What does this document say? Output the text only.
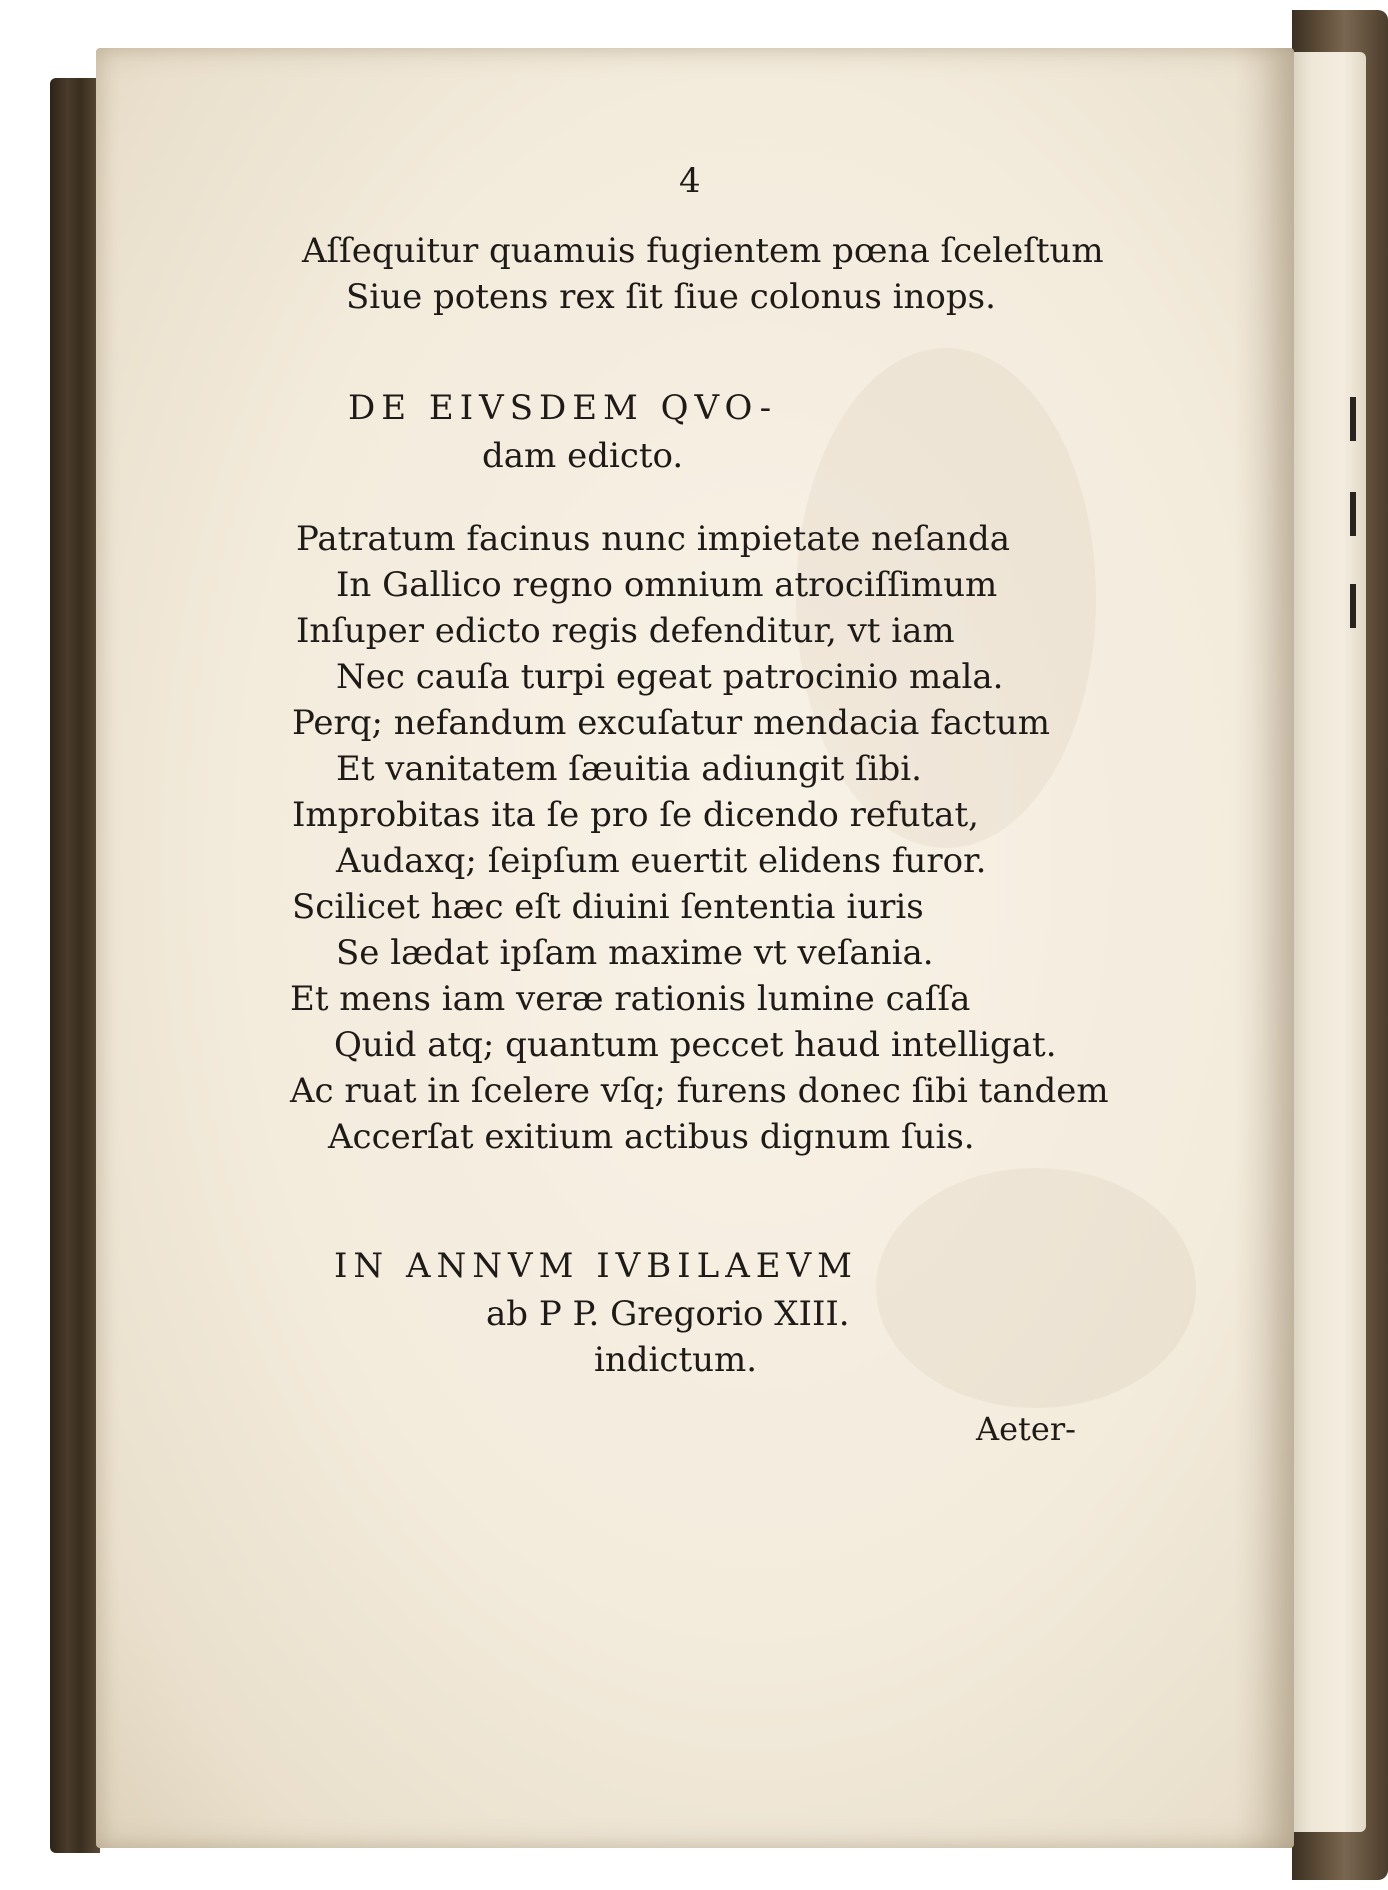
4
Aſſequitur quamuis fugientem pœna ſceleſtum
Siue potens rex ſit ſiue colonus inops.
DE EIVSDEM QVO-
dam edicto.
Patratum facinus nunc impietate neſanda
In Gallico regno omnium atrociſſimum
Inſuper edicto regis defenditur, vt iam
Nec cauſa turpi egeat patrocinio mala.
Perq; nefandum excuſatur mendacia factum
Et vanitatem ſæuitia adiungit ſibi.
Improbitas ita ſe pro ſe dicendo refutat,
Audaxq; ſeipſum euertit elidens furor.
Scilicet hæc eſt diuini ſententia iuris
Se lædat ipſam maxime vt veſania.
Et mens iam veræ rationis lumine caſſa
Quid atq; quantum peccet haud intelligat.
Ac ruat in ſcelere vſq; furens donec ſibi tandem
Accerſat exitium actibus dignum ſuis.
IN ANNVM IVBILAEVM
ab P P. Gregorio XIII.
indictum.
Aeter-
